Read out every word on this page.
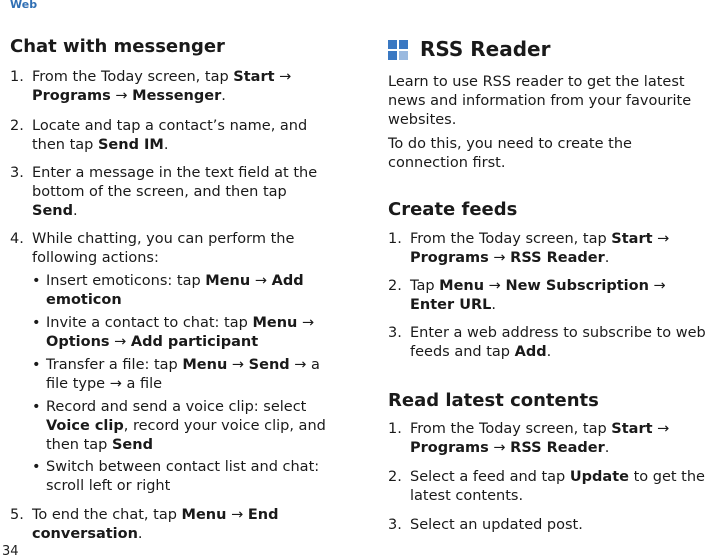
Web
Chat with messenger
1. From the Today screen, tap Start → Programs → Messenger.
2. Locate and tap a contact’s name, and then tap Send IM.
3. Enter a message in the text field at the bottom of the screen, and then tap Send.
4. While chatting, you can perform the following actions:
• Insert emoticons: tap Menu → Add emoticon
• Invite a contact to chat: tap Menu → Options → Add participant
• Transfer a file: tap Menu → Send → a file type → a file
• Record and send a voice clip: select Voice clip, record your voice clip, and then tap Send
• Switch between contact list and chat: scroll left or right
5. To end the chat, tap Menu → End conversation.
RSS Reader

Learn to use RSS reader to get the latest news and information from your favourite websites.

To do this, you need to create the connection first.

Create feeds
1. From the Today screen, tap Start → Programs → RSS Reader.
2. Tap Menu → New Subscription → Enter URL.
3. Enter a web address to subscribe to web feeds and tap Add.
Read latest contents
1. From the Today screen, tap Start → Programs → RSS Reader.
2. Select a feed and tap Update to get the latest contents.
3. Select an updated post.
34
